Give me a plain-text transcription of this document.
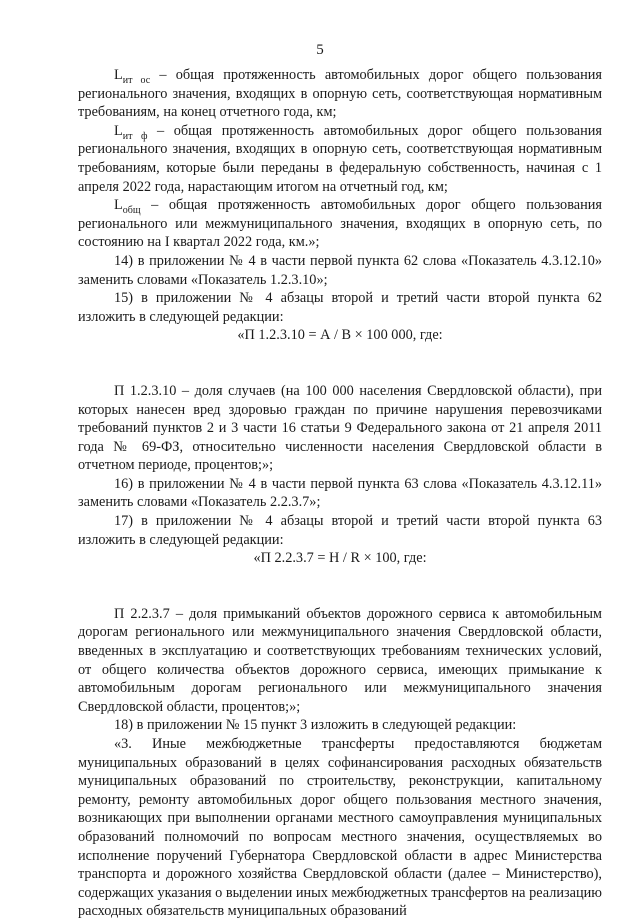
5

$L_{ит ос}$ – общая протяженность автомобильных дорог общего пользования регионального значения, входящих в опорную сеть, соответствующая нормативным требованиям, на конец отчетного года, км;

$L_{ит ф}$ – общая протяженность автомобильных дорог общего пользования регионального значения, входящих в опорную сеть, соответствующая нормативным требованиям, которые были переданы в федеральную собственность, начиная с 1 апреля 2022 года, нарастающим итогом на отчетный год, км;

$L_{общ}$ – общая протяженность автомобильных дорог общего пользования регионального или межмуниципального значения, входящих в опорную сеть, по состоянию на I квартал 2022 года, км.»;

14) в приложении № 4 в части первой пункта 62 слова «Показатель 4.3.12.10» заменить словами «Показатель 1.2.3.10»;

15) в приложении № 4 абзацы второй и третий части второй пункта 62 изложить в следующей редакции:

«П 1.2.3.10 = А / В × 100 000, где:

П 1.2.3.10 – доля случаев (на 100 000 населения Свердловской области), при которых нанесен вред здоровью граждан по причине нарушения перевозчиками требований пунктов 2 и 3 части 16 статьи 9 Федерального закона от 21 апреля 2011 года № 69-ФЗ, относительно численности населения Свердловской области в отчетном периоде, процентов;»;

16) в приложении № 4 в части первой пункта 63 слова «Показатель 4.3.12.11» заменить словами «Показатель 2.2.3.7»;

17) в приложении № 4 абзацы второй и третий части второй пункта 63 изложить в следующей редакции:

«П 2.2.3.7 = Н / R × 100, где:

П 2.2.3.7 – доля примыканий объектов дорожного сервиса к автомобильным дорогам регионального или межмуниципального значения Свердловской области, введенных в эксплуатацию и соответствующих требованиям технических условий, от общего количества объектов дорожного сервиса, имеющих примыкание к автомобильным дорогам регионального или межмуниципального значения Свердловской области, процентов;»;

18) в приложении № 15 пункт 3 изложить в следующей редакции:

«3. Иные межбюджетные трансферты предоставляются бюджетам муниципальных образований в целях софинансирования расходных обязательств муниципальных образований по строительству, реконструкции, капитальному ремонту, ремонту автомобильных дорог общего пользования местного значения, возникающих при выполнении органами местного самоуправления муниципальных образований полномочий по вопросам местного значения, осуществляемых во исполнение поручений Губернатора Свердловской области в адрес Министерства транспорта и дорожного хозяйства Свердловской области (далее – Министерство), содержащих указания о выделении иных межбюджетных трансфертов на реализацию расходных обязательств муниципальных образований
